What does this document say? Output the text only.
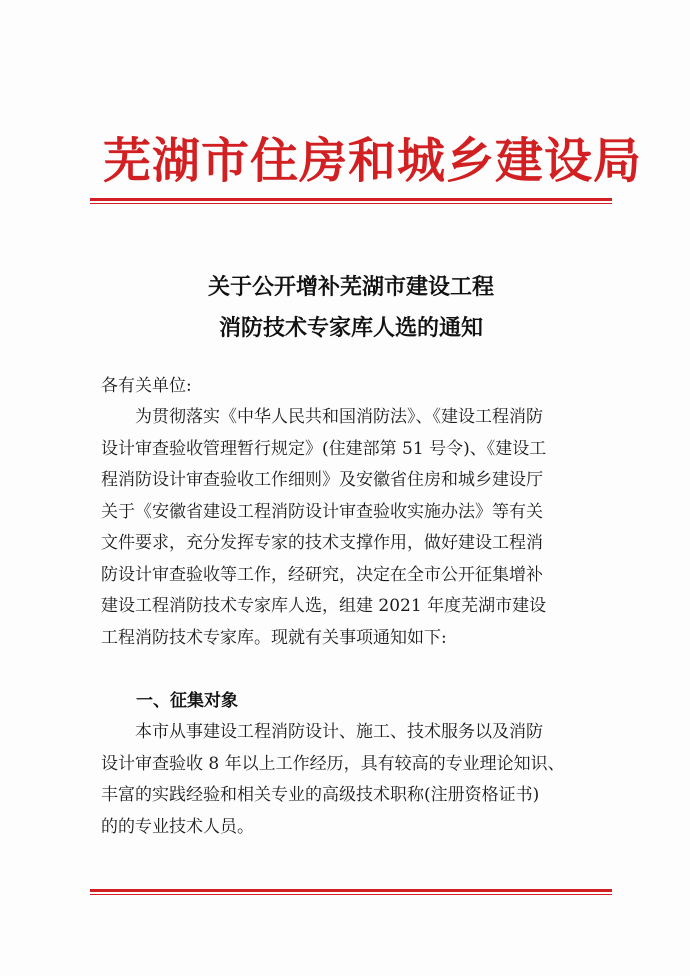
芜湖市住房和城乡建设局
关于公开增补芜湖市建设工程
消防技术专家库人选的通知
各有关单位:
为贯彻落实《中华人民共和国消防法》、《建设工程消防
设计审查验收管理暂行规定》(住建部第 51 号令)、《建设工
程消防设计审查验收工作细则》及安徽省住房和城乡建设厅
关于《安徽省建设工程消防设计审查验收实施办法》等有关
文件要求，充分发挥专家的技术支撑作用，做好建设工程消
防设计审查验收等工作，经研究，决定在全市公开征集增补
建设工程消防技术专家库人选，组建 2021 年度芜湖市建设
工程消防技术专家库。现就有关事项通知如下:
一、征集对象
本市从事建设工程消防设计、施工、技术服务以及消防
设计审查验收 8 年以上工作经历，具有较高的专业理论知识、
丰富的实践经验和相关专业的高级技术职称(注册资格证书)
的的专业技术人员。
